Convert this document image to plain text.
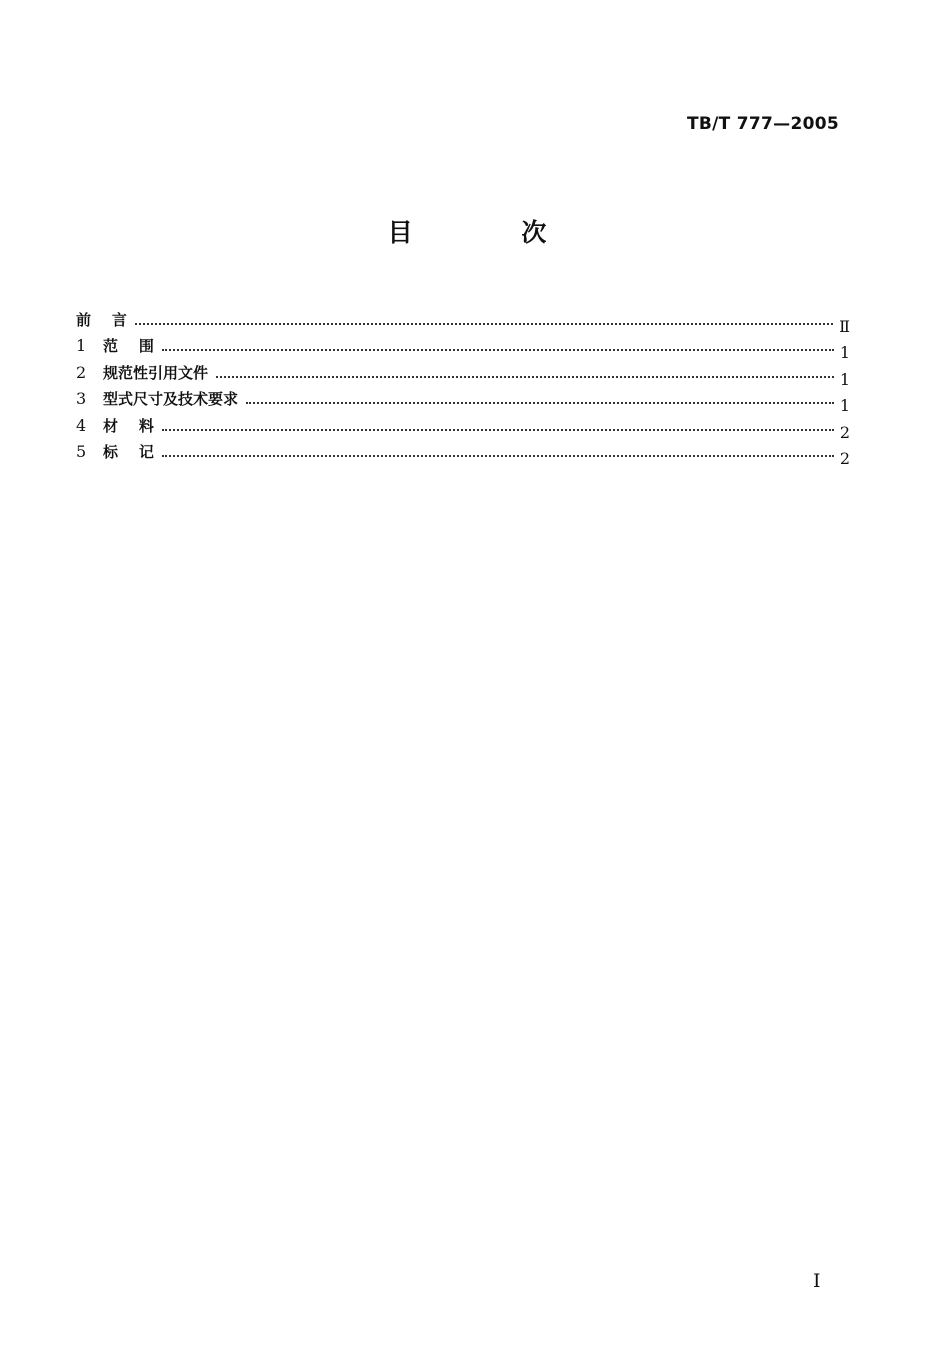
TB/T 777—2005
目 次
前    言	Ⅱ
1	范    围	1
2	规范性引用文件	1
3	型式尺寸及技术要求	1
4	材    料	2
5	标    记	2
Ⅰ
